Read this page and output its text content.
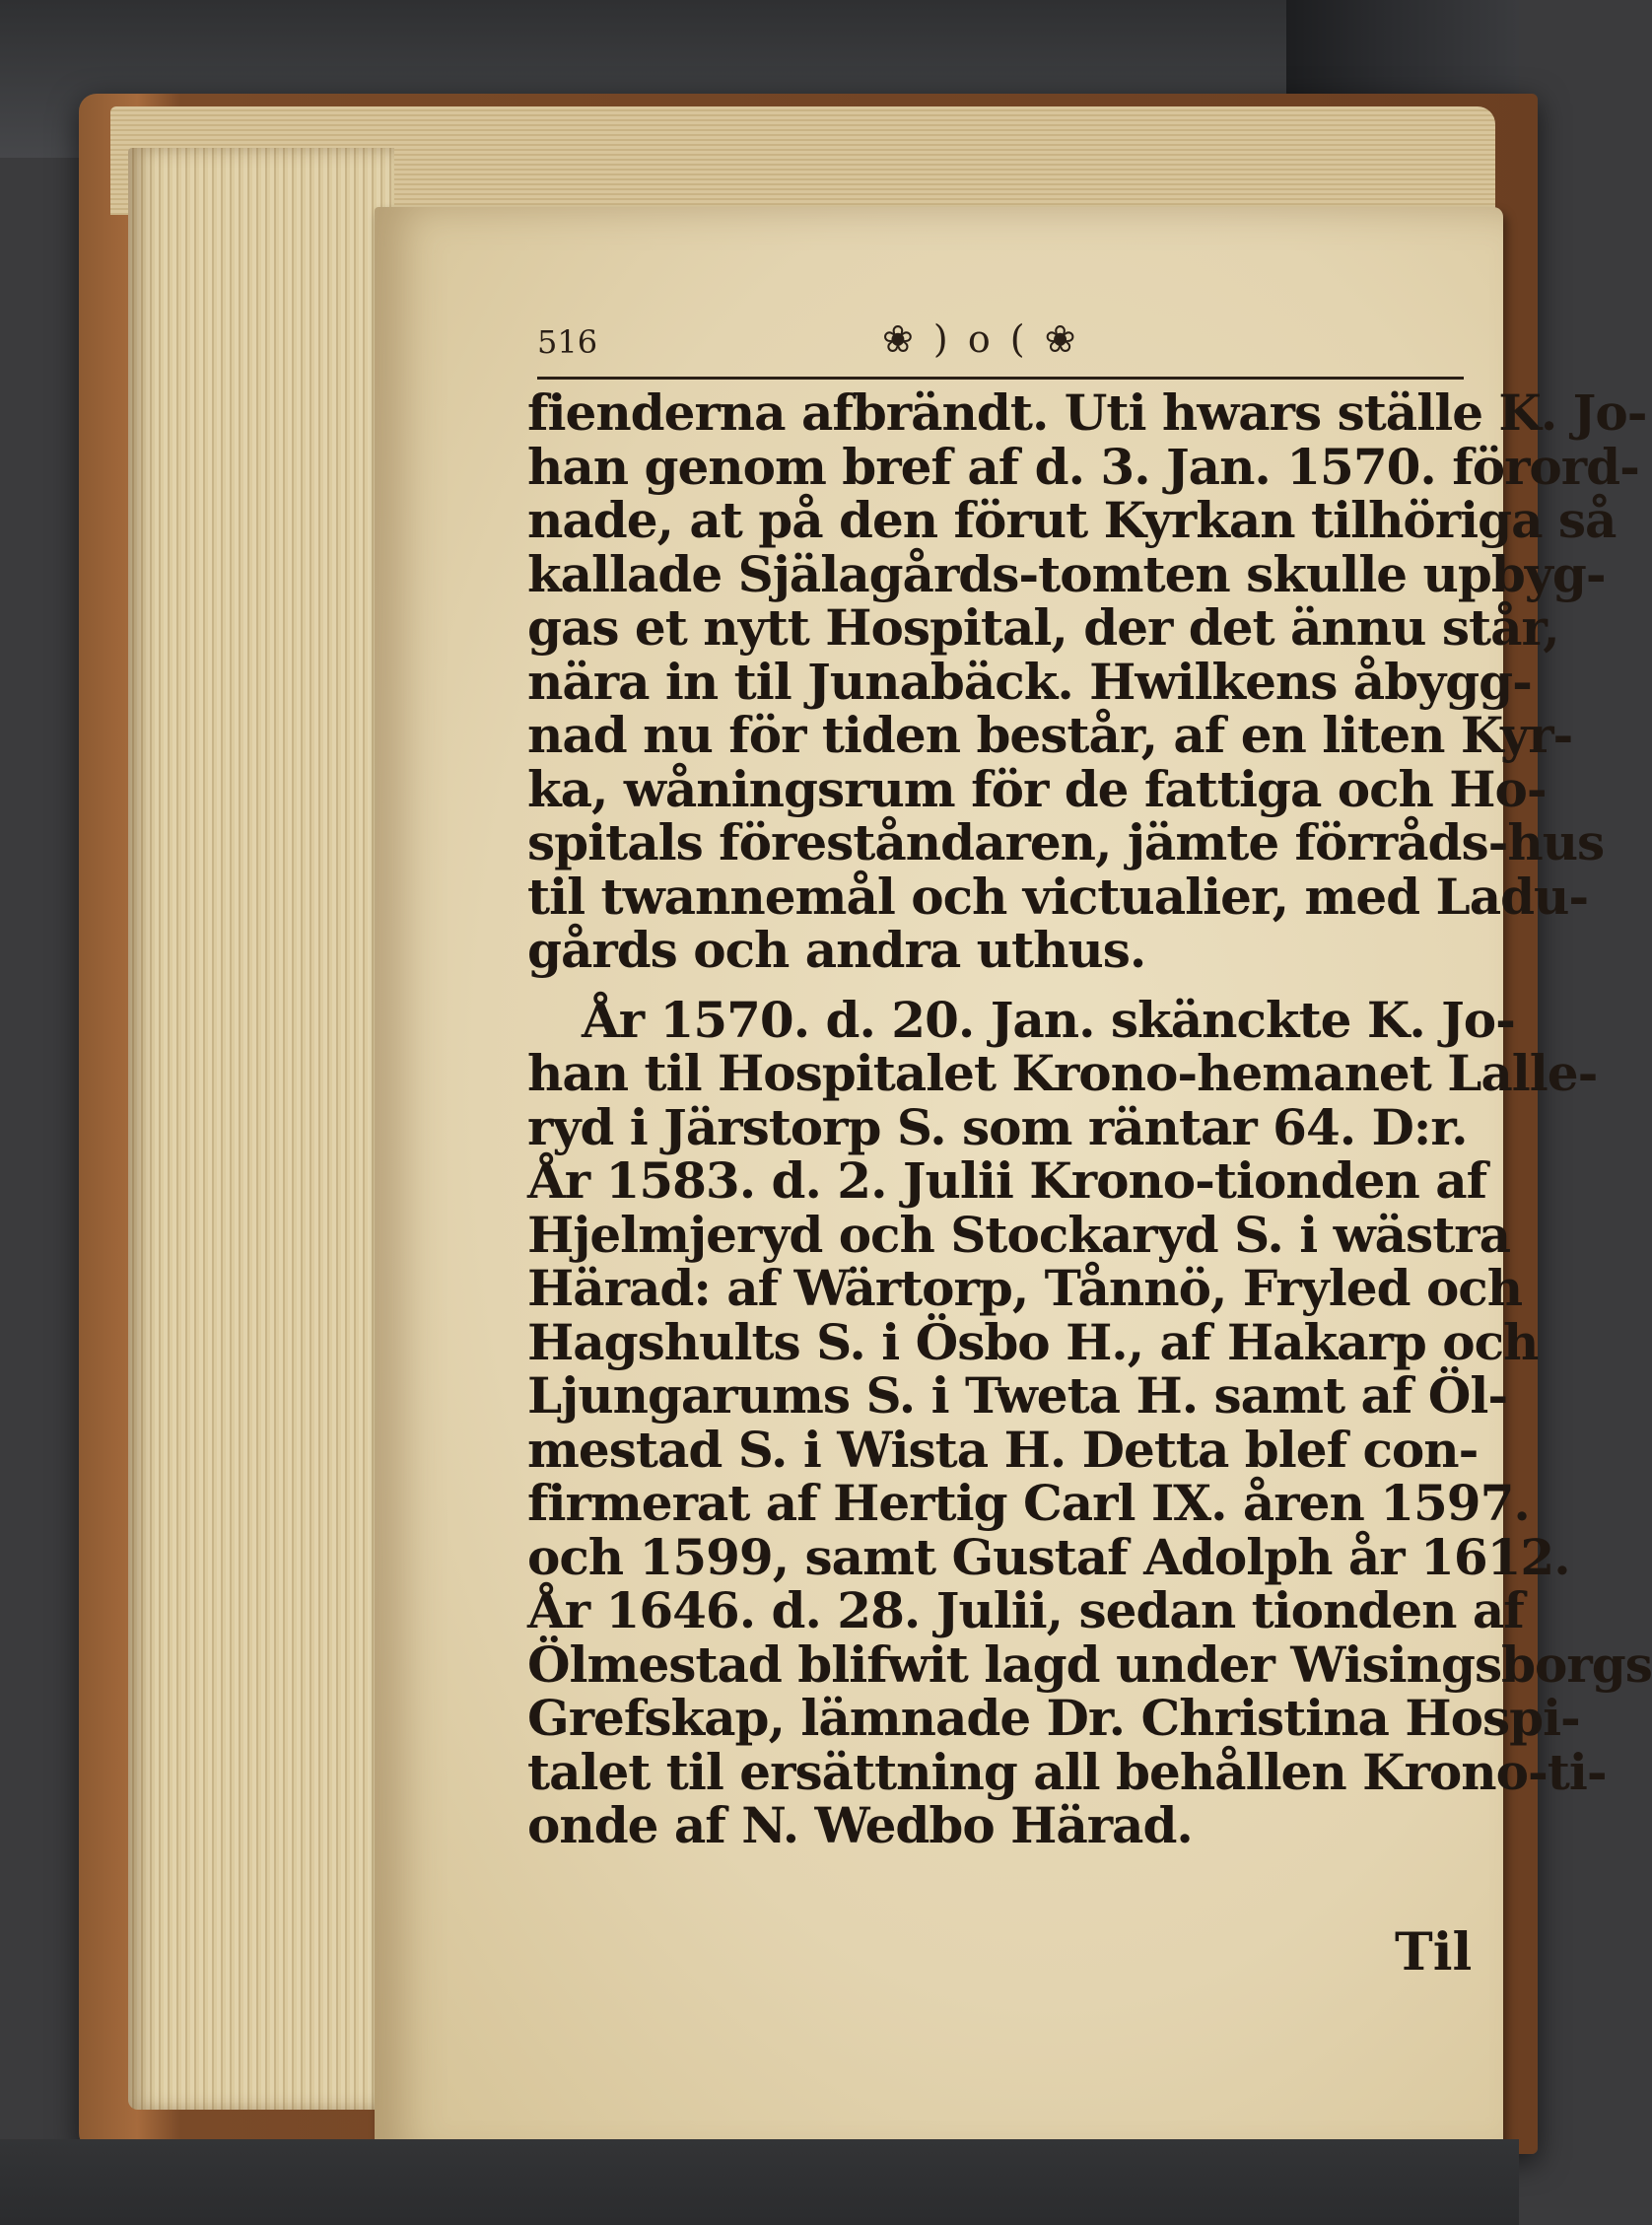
516	❀ ) o ( ❀
fienderna afbrändt. Uti hwars ställe K. Jo-
han genom bref af d. 3. Jan. 1570. förord-
nade, at på den förut Kyrkan tilhöriga så
kallade Själagårds-tomten skulle upbyg-
gas et nytt Hospital, der det ännu står,
nära in til Junabäck. Hwilkens åbygg-
nad nu för tiden består, af en liten Kyr-
ka, wåningsrum för de fattiga och Ho-
spitals föreståndaren, jämte förråds-hus
til twannemål och victualier, med Ladu-
gårds och andra uthus.
År 1570. d. 20. Jan. skänckte K. Jo-
han til Hospitalet Krono-hemanet Lalle-
ryd i Järstorp S. som räntar 64. D:r.
År 1583. d. 2. Julii Krono-tionden af
Hjelmjeryd och Stockaryd S. i wästra
Härad: af Wärtorp, Tånnö, Fryled och
Hagshults S. i Ösbo H., af Hakarp och
Ljungarums S. i Tweta H. samt af Öl-
mestad S. i Wista H. Detta blef con-
firmerat af Hertig Carl IX. åren 1597.
och 1599, samt Gustaf Adolph år 1612.
År 1646. d. 28. Julii, sedan tionden af
Ölmestad blifwit lagd under Wisingsborgs
Grefskap, lämnade Dr. Christina Hospi-
talet til ersättning all behållen Krono-ti-
onde af N. Wedbo Härad.
Til
